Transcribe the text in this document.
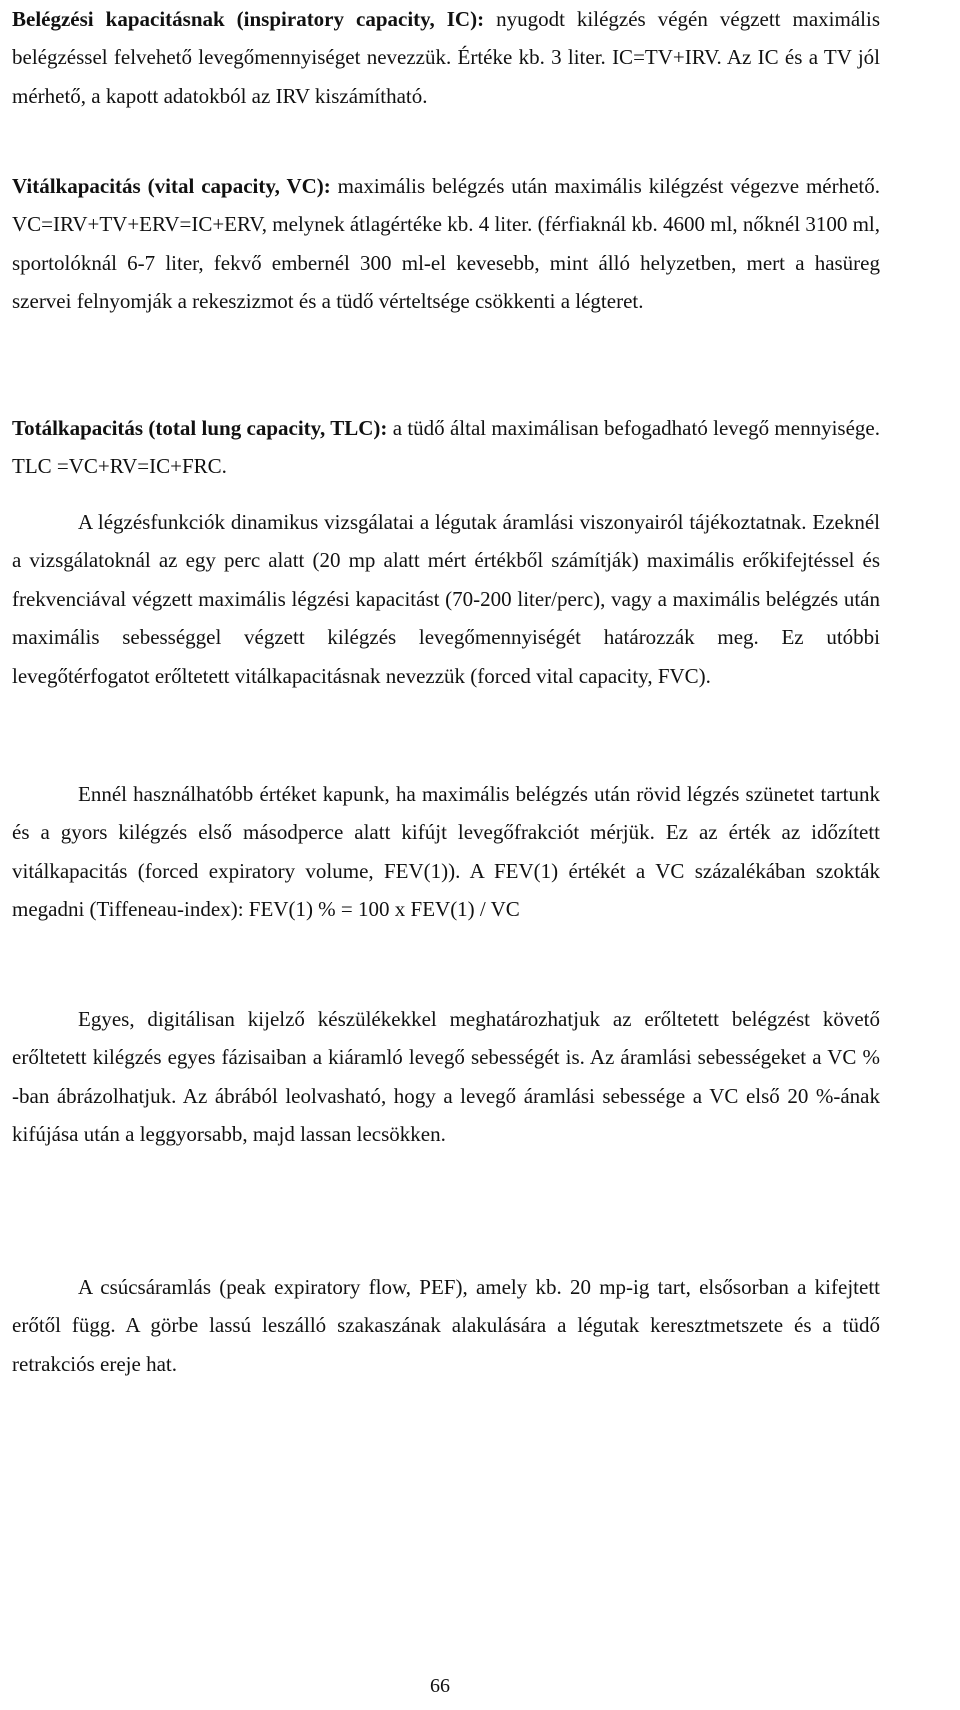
Belégzési kapacitásnak (inspiratory capacity, IC): nyugodt kilégzés végén végzett maximális belégzéssel felvehető levegőmennyiséget nevezzük. Értéke kb. 3 liter. IC=TV+IRV. Az IC és a TV jól mérhető, a kapott adatokból az IRV kiszámítható.

Vitálkapacitás (vital capacity, VC): maximális belégzés után maximális kilégzést végezve mérhető. VC=IRV+TV+ERV=IC+ERV, melynek átlagértéke kb. 4 liter. (férfiaknál kb. 4600 ml, nőknél 3100 ml, sportolóknál 6-7 liter, fekvő embernél 300 ml-el kevesebb, mint álló helyzetben, mert a hasüreg szervei felnyomják a rekeszizmot és a tüdő vérteltsége csökkenti a légteret.

Totálkapacitás (total lung capacity, TLC): a tüdő által maximálisan befogadható levegő mennyisége. TLC =VC+RV=IC+FRC.

A légzésfunkciók dinamikus vizsgálatai a légutak áramlási viszonyairól tájékoztatnak. Ezeknél a vizsgálatoknál az egy perc alatt (20 mp alatt mért értékből számítják) maximális erőkifejtéssel és frekvenciával végzett maximális légzési kapacitást (70-200 liter/perc), vagy a maximális belégzés után maximális sebességgel végzett kilégzés levegőmennyiségét határozzák meg. Ez utóbbi levegőtérfogatot erőltetett vitálkapacitásnak nevezzük (forced vital capacity, FVC).

Ennél használhatóbb értéket kapunk, ha maximális belégzés után rövid légzés szünetet tartunk és a gyors kilégzés első másodperce alatt kifújt levegőfrakciót mérjük. Ez az érték az időzített vitálkapacitás (forced expiratory volume, FEV(1)). A FEV(1) értékét a VC százalékában szokták megadni (Tiffeneau-index): FEV(1) % = 100 x FEV(1) / VC

Egyes, digitálisan kijelző készülékekkel meghatározhatjuk az erőltetett belégzést követő erőltetett kilégzés egyes fázisaiban a kiáramló levegő sebességét is. Az áramlási sebességeket a VC % -ban ábrázolhatjuk. Az ábrából leolvasható, hogy a levegő áramlási sebessége a VC első 20 %-ának kifújása után a leggyorsabb, majd lassan lecsökken.

A csúcsáramlás (peak expiratory flow, PEF), amely kb. 20 mp-ig tart, elsősorban a kifejtett erőtől függ. A görbe lassú leszálló szakaszának alakulására a légutak keresztmetszete és a tüdő retrakciós ereje hat.

66
